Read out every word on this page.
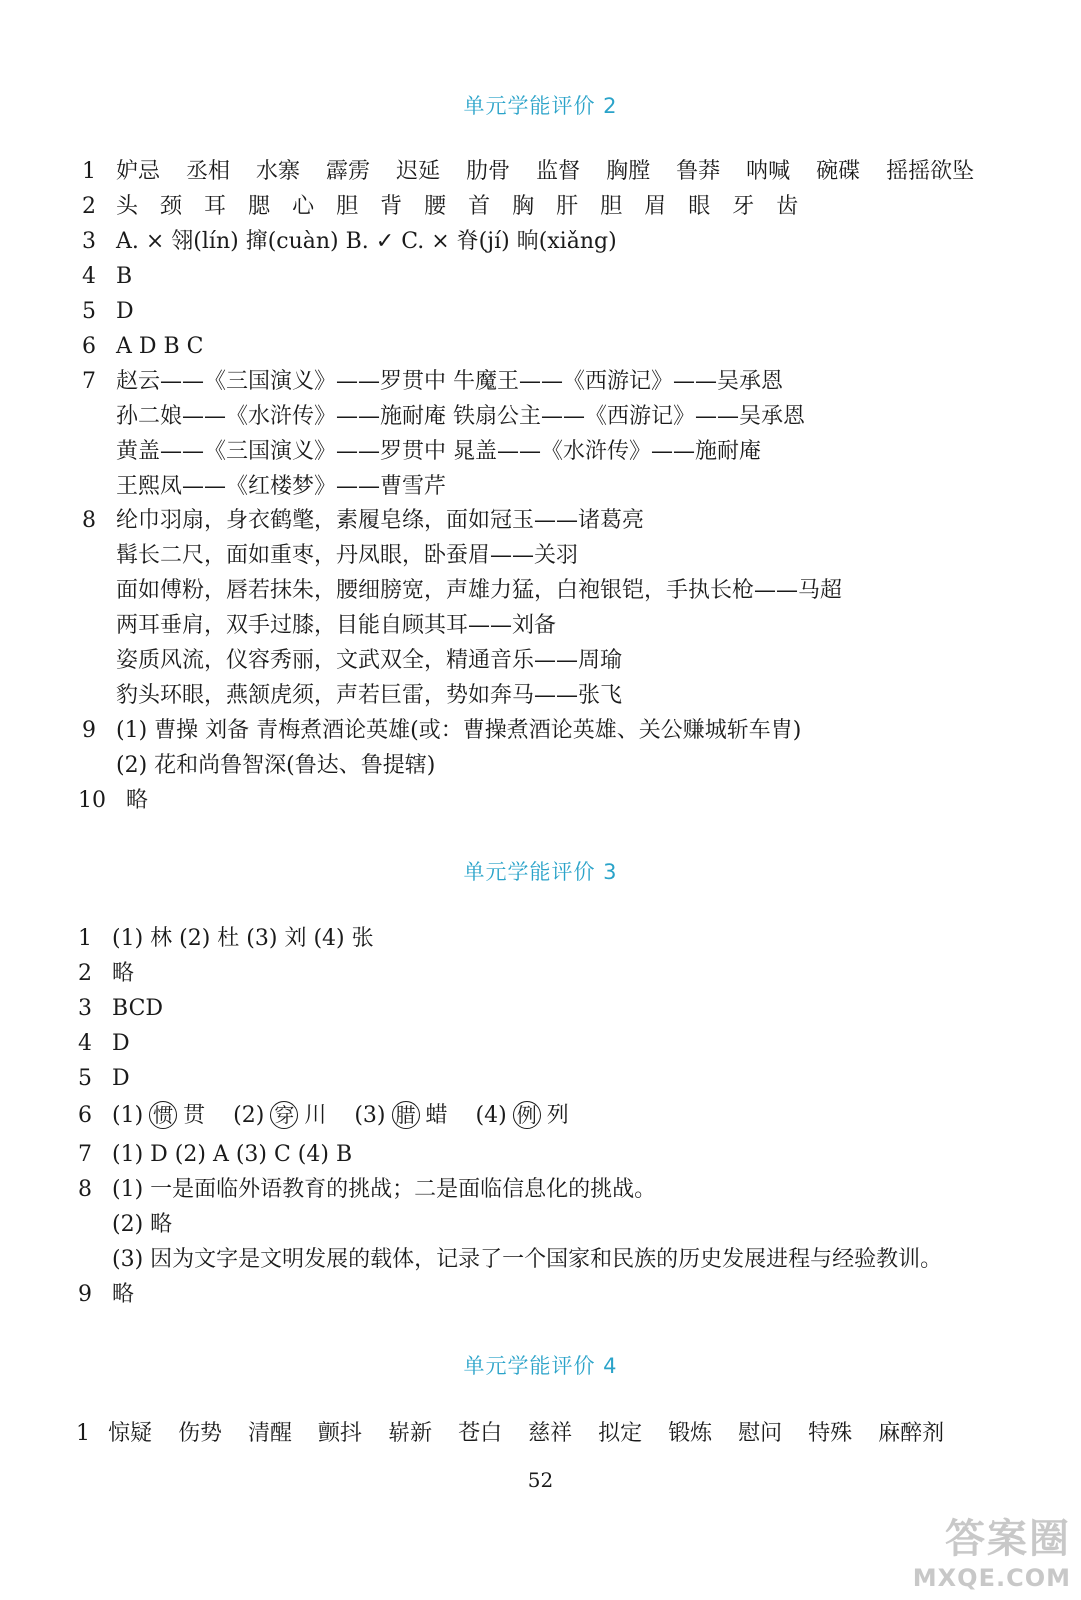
单元学能评价 2
1 妒忌 丞相 水寨 霹雳 迟延 肋骨 监督 胸膛 鲁莽 呐喊 碗碟 摇摇欲坠
2 头 颈 耳 腮 心 胆 背 腰 首 胸 肝 胆 眉 眼 牙 齿
3 A. × 翎(lín) 撺(cuàn) B. ✓ C. × 脊(jí) 晌(xiǎng)
4 B
5 D
6 A D B C
7 赵云——《三国演义》——罗贯中 牛魔王——《西游记》——吴承恩
孙二娘——《水浒传》——施耐庵 铁扇公主——《西游记》——吴承恩
黄盖——《三国演义》——罗贯中 晁盖——《水浒传》——施耐庵
王熙凤——《红楼梦》——曹雪芹
8 纶巾羽扇，身衣鹤氅，素履皂绦，面如冠玉——诸葛亮
髯长二尺，面如重枣，丹凤眼，卧蚕眉——关羽
面如傅粉，唇若抹朱，腰细膀宽，声雄力猛，白袍银铠，手执长枪——马超
两耳垂肩，双手过膝，目能自顾其耳——刘备
姿质风流，仪容秀丽，文武双全，精通音乐——周瑜
豹头环眼，燕颔虎须，声若巨雷，势如奔马——张飞
9 (1) 曹操 刘备 青梅煮酒论英雄(或：曹操煮酒论英雄、关公赚城斩车胄)
(2) 花和尚鲁智深(鲁达、鲁提辖)
10 略
单元学能评价 3
1 (1) 林 (2) 杜 (3) 刘 (4) 张
2 略
3 BCD
4 D
5 D
6 (1) 惯 贯 (2) 穿 川 (3) 腊 蜡 (4) 例 列
7 (1) D (2) A (3) C (4) B
8 (1) 一是面临外语教育的挑战；二是面临信息化的挑战。
(2) 略
(3) 因为文字是文明发展的载体，记录了一个国家和民族的历史发展进程与经验教训。
9 略
单元学能评价 4
1 惊疑 伤势 清醒 颤抖 崭新 苍白 慈祥 拟定 锻炼 慰问 特殊 麻醉剂
52
答案圈
MXQE.COM
